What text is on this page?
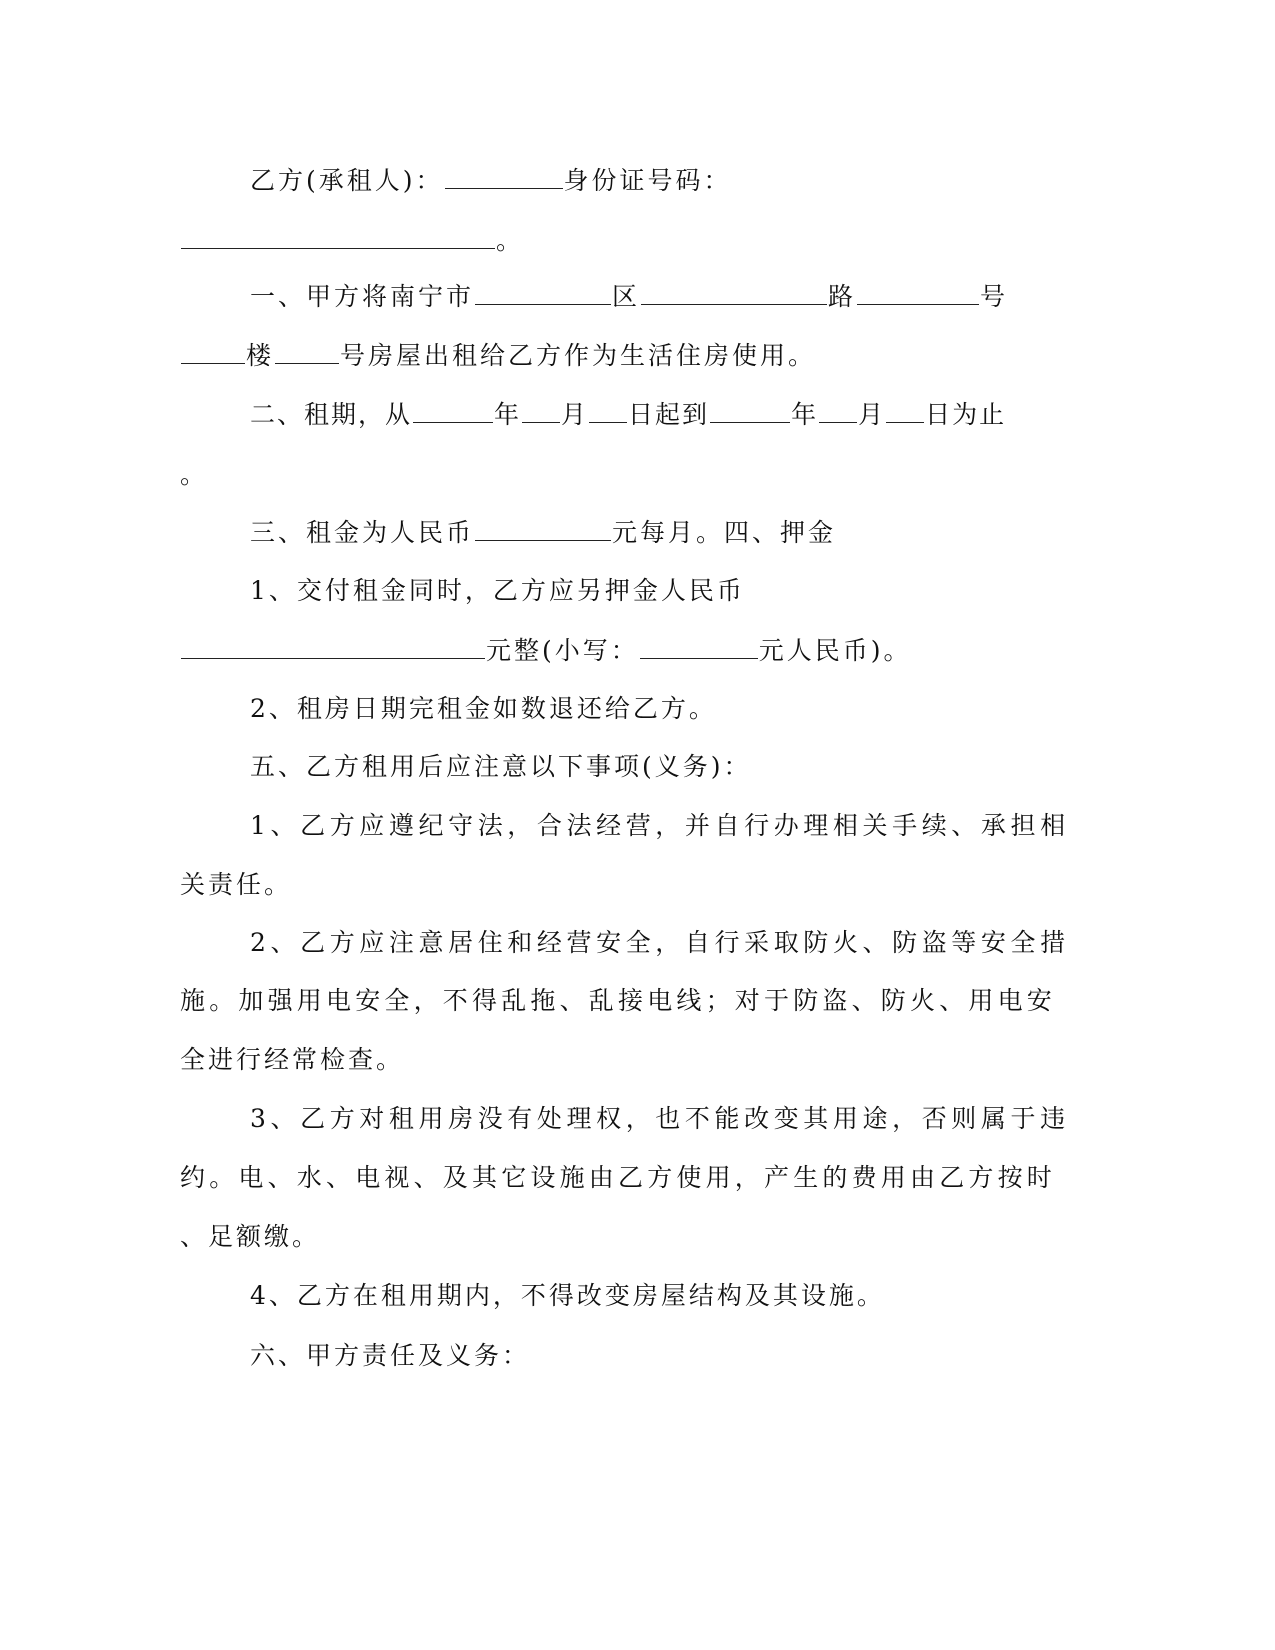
乙方(承租人)：	身份证号码：
。
一、甲方将南宁市	区	路	号
楼	号房屋出租给乙方作为生活住房使用。
二、租期，从	年 月 日起到	年 月 日为止
。
三、租金为人民币	元每月。四、押金
1、交付租金同时，乙方应另押金人民币
元整(小写：	元人民币)。
2、租房日期完租金如数退还给乙方。
五、乙方租用后应注意以下事项(义务)：
1、乙方应遵纪守法，合法经营，并自行办理相关手续、承担相
关责任。
2、乙方应注意居住和经营安全，自行采取防火、防盗等安全措
施。加强用电安全，不得乱拖、乱接电线；对于防盗、防火、用电安
全进行经常检查。
3、乙方对租用房没有处理权，也不能改变其用途，否则属于违
约。电、水、电视、及其它设施由乙方使用，产生的费用由乙方按时
、足额缴。
4、乙方在租用期内，不得改变房屋结构及其设施。
六、甲方责任及义务：
